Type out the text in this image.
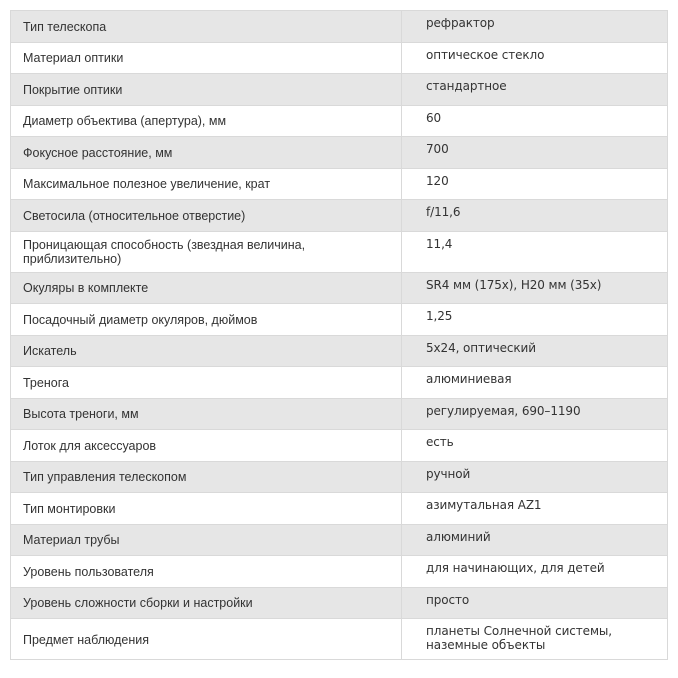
Тип телескопа	рефрактор
Материал оптики	оптическое стекло
Покрытие оптики	стандартное
Диаметр объектива (апертура), мм	60
Фокусное расстояние, мм	700
Максимальное полезное увеличение, крат	120
Светосила (относительное отверстие)	f/11,6
Проницающая способность (звездная величина, приблизительно)	11,4
Окуляры в комплекте	SR4 мм (175x), H20 мм (35x)
Посадочный диаметр окуляров, дюймов	1,25
Искатель	5x24, оптический
Тренога	алюминиевая
Высота треноги, мм	регулируемая, 690–1190
Лоток для аксессуаров	есть
Тип управления телескопом	ручной
Тип монтировки	азимутальная AZ1
Материал трубы	алюминий
Уровень пользователя	для начинающих, для детей
Уровень сложности сборки и настройки	просто
Предмет наблюдения	планеты Солнечной системы, наземные объекты
